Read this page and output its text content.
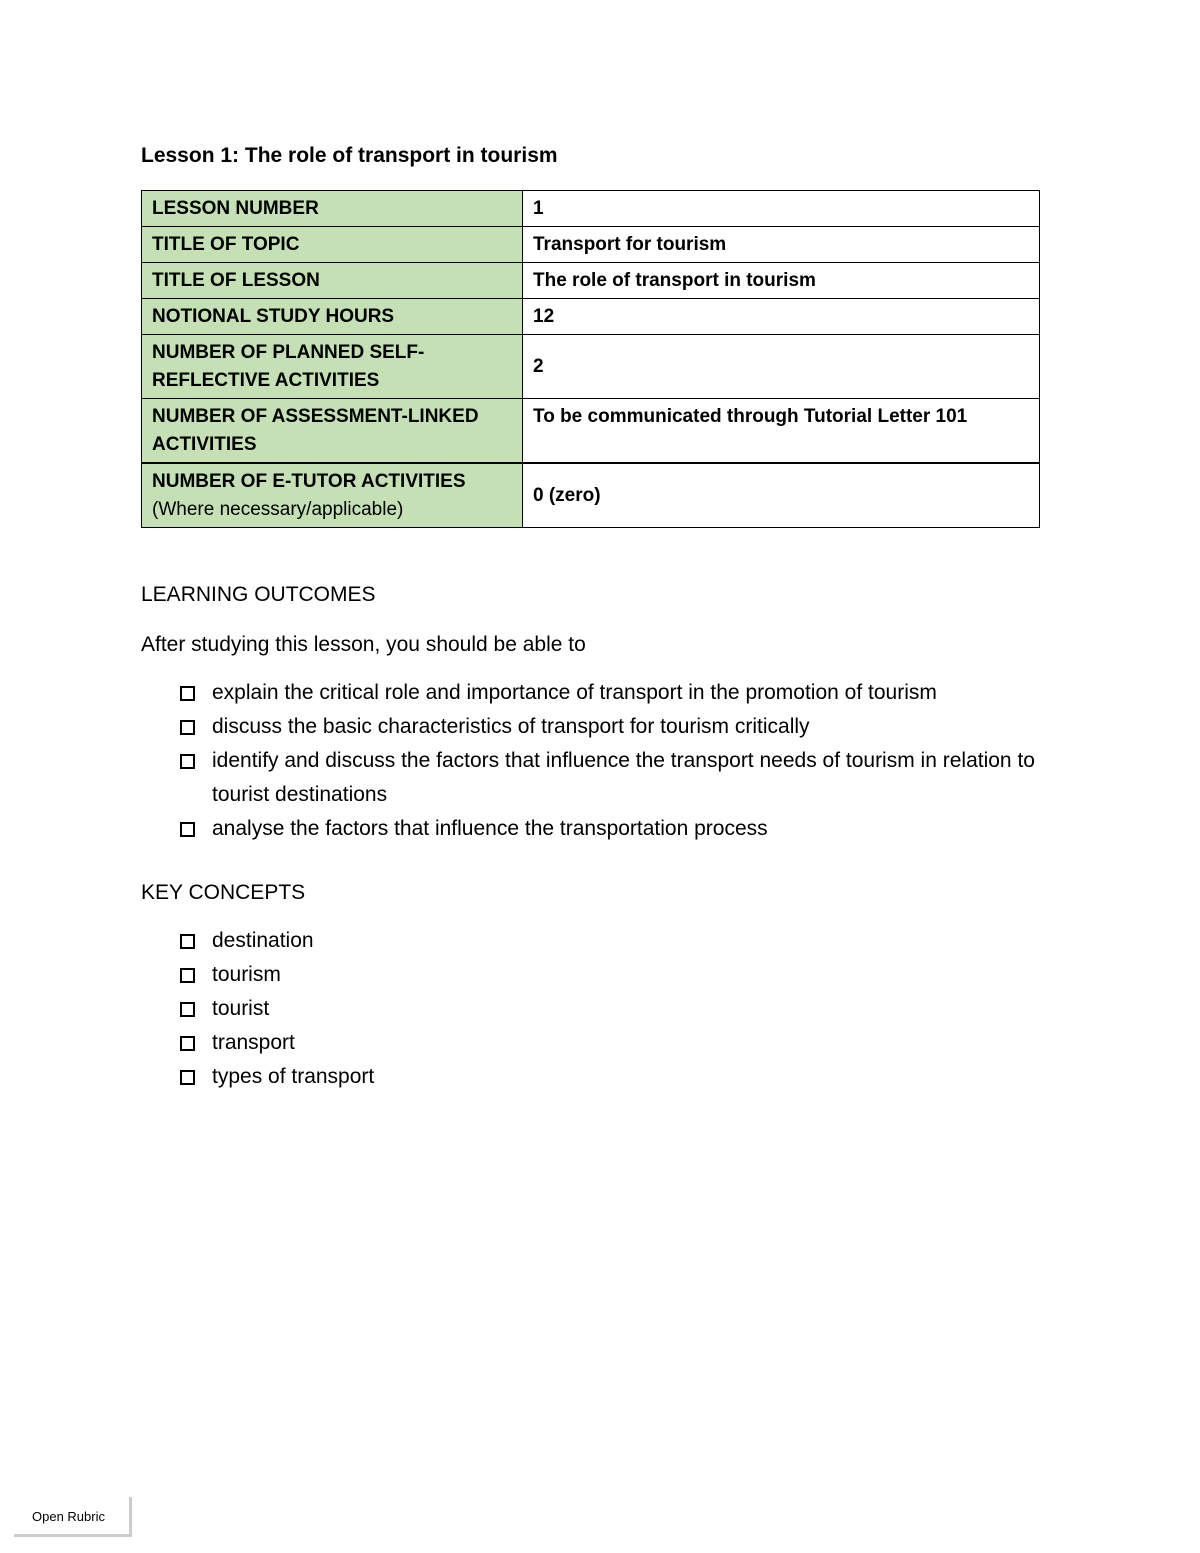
Lesson 1: The role of transport in tourism
LESSON NUMBER	1
TITLE OF TOPIC	Transport for tourism
TITLE OF LESSON	The role of transport in tourism
NOTIONAL STUDY HOURS	12
NUMBER OF PLANNED SELF-REFLECTIVE ACTIVITIES	2
NUMBER OF ASSESSMENT-LINKED ACTIVITIES	To be communicated through Tutorial Letter 101
NUMBER OF E-TUTOR ACTIVITIES
(Where necessary/applicable)	0 (zero)
LEARNING OUTCOMES

After studying this lesson, you should be able to

explain the critical role and importance of transport in the promotion of tourism
discuss the basic characteristics of transport for tourism critically
identify and discuss the factors that influence the transport needs of tourism in relation to tourist destinations
analyse the factors that influence the transportation process
KEY CONCEPTS
destination
tourism
tourist
transport
types of transport
Open Rubric
